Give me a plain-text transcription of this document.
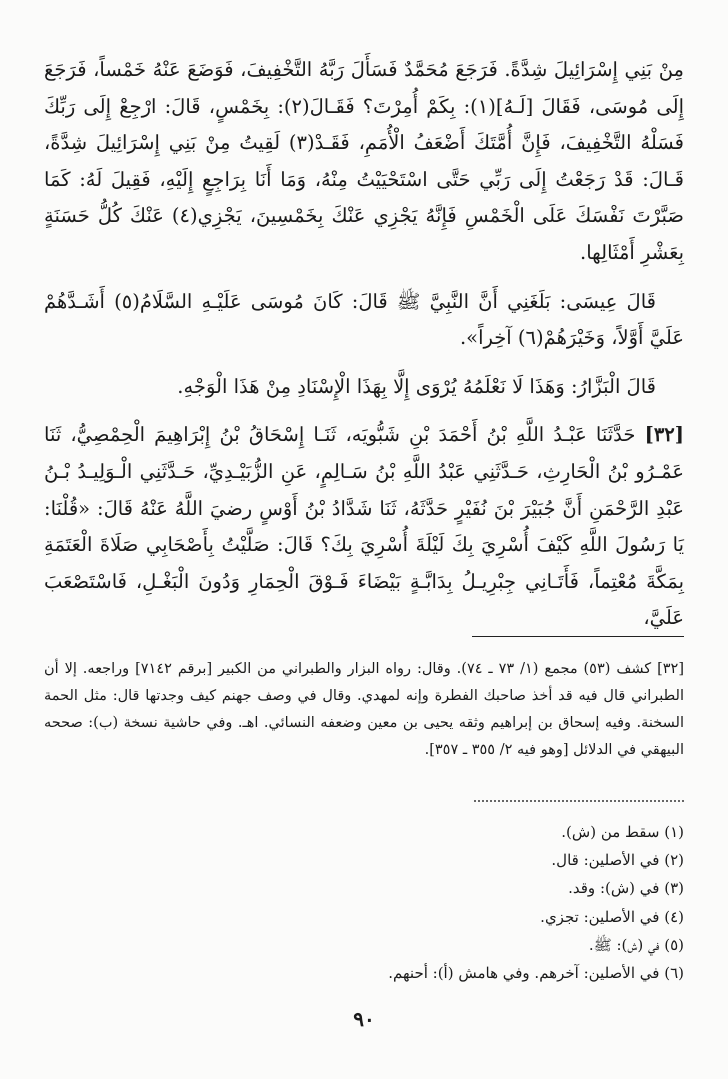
مِنْ بَنِي إِسْرَائِيلَ شِدَّةً. فَرَجَعَ مُحَمَّدٌ فَسَأَلَ رَبَّهُ التَّخْفِيفَ، فَوَضَعَ عَنْهُ خَمْساً، فَرَجَعَ إِلَى مُوسَى، فَقَالَ [لَـهُ](١): بِكَمْ أُمِرْتَ؟ فَقَـالَ(٢): بِخَمْسٍ، قَالَ: ارْجِعْ إِلَى رَبِّكَ فَسَلْهُ التَّخْفِيفَ، فَإِنَّ أُمَّتَكَ أَضْعَفُ الْأُمَمِ، فَقَـدْ(٣) لَقِيتُ مِنْ بَنِي إِسْرَائِيلَ شِدَّةً، قَـالَ: قَدْ رَجَعْتُ إِلَى رَبِّي حَتَّى اسْتَحْيَيْتُ مِنْهُ، وَمَا أَنَا بِرَاجِعٍ إِلَيْهِ، فَقِيلَ لَهُ: كَمَا صَبَّرْتَ نَفْسَكَ عَلَى الْخَمْسِ فَإِنَّهُ يَجْزِي عَنْكَ بِخَمْسِينَ، يَجْزِي(٤) عَنْكَ كُلُّ حَسَنَةٍ بِعَشْرِ أَمْثَالِها.

قَالَ عِيسَى: بَلَغَنِي أَنَّ النَّبِيَّ ﷺ قَالَ: كَانَ مُوسَى عَلَيْـهِ السَّلَامُ(٥) أَشَـدَّهُمْ عَلَيَّ أَوَّلاً، وَخَيْرَهُمْ(٦) آخِراً».

قَالَ الْبَزَّارُ: وَهَذَا لَا نَعْلَمُهُ يُرْوَى إِلَّا بِهَذَا الْإِسْنَادِ مِنْ هَذَا الْوَجْهِ.

[٣٢] حَدَّثَنَا عَبْـدُ اللَّهِ بْنُ أَحْمَدَ بْنِ شَبُّويَه، ثَنَـا إِسْحَاقُ بْنُ إِبْرَاهِيمَ الْحِمْصِيُّ، ثَنَا عَمْـرُو بْنُ الْحَارِثِ، حَـدَّثَنِي عَبْدُ اللَّهِ بْنُ سَـالِمٍ، عَنِ الزُّبَيْـدِيِّ، حَـدَّثَنِي الْـوَلِيـدُ بْـنُ عَبْدِ الرَّحْمَنِ أَنَّ جُبَيْرَ بْنَ نُفَيْرٍ حَدَّثَهُ، ثَنَا شَدَّادُ بْنُ أَوْسٍ رضيَ اللَّهُ عَنْهُ قَالَ: «قُلْنَا: يَا رَسُولَ اللَّهِ كَيْفَ أُسْرِيَ بِكَ لَيْلَةَ أُسْرِيَ بِكَ؟ قَالَ: صَلَّيْتُ بِأَصْحَابِي صَلَاةَ الْعَتَمَةِ بِمَكَّةَ مُعْتِماً، فَأَتَـانِي جِبْرِيـلُ بِدَابَّـةٍ بَيْضَاءَ فَـوْقَ الْحِمَارِ وَدُونَ الْبَغْـلِ، فَاسْتَصْعَبَ عَلَيَّ،

[٣٢] كشف (٥٣) مجمع (١/ ٧٣ ـ ٧٤). وقال: رواه البزار والطبراني من الكبير [برقم ٧١٤٢] وراجعه. إلا أن الطبراني قال فيه قد أخذ صاحبك الفطرة وإنه لمهدي. وقال في وصف جهنم كيف وجدتها قال: مثل الحمة السخنة. وفيه إسحاق بن إبراهيم وثقه يحيى بن معين وضعفه النسائي. اهـ. وفي حاشية نسخة (ب): صححه البيهقي في الدلائل [وهو فيه ٢/ ٣٥٥ ـ ٣٥٧].

(١) سقط من (ش).

(٢) في الأصلين: قال.

(٣) في (ش): وقد.

(٤) في الأصلين: تجزي.

(٥) في (ش): ﷺ.

(٦) في الأصلين: آخرهم. وفي هامش (أ): أحنهم.

٩٠
